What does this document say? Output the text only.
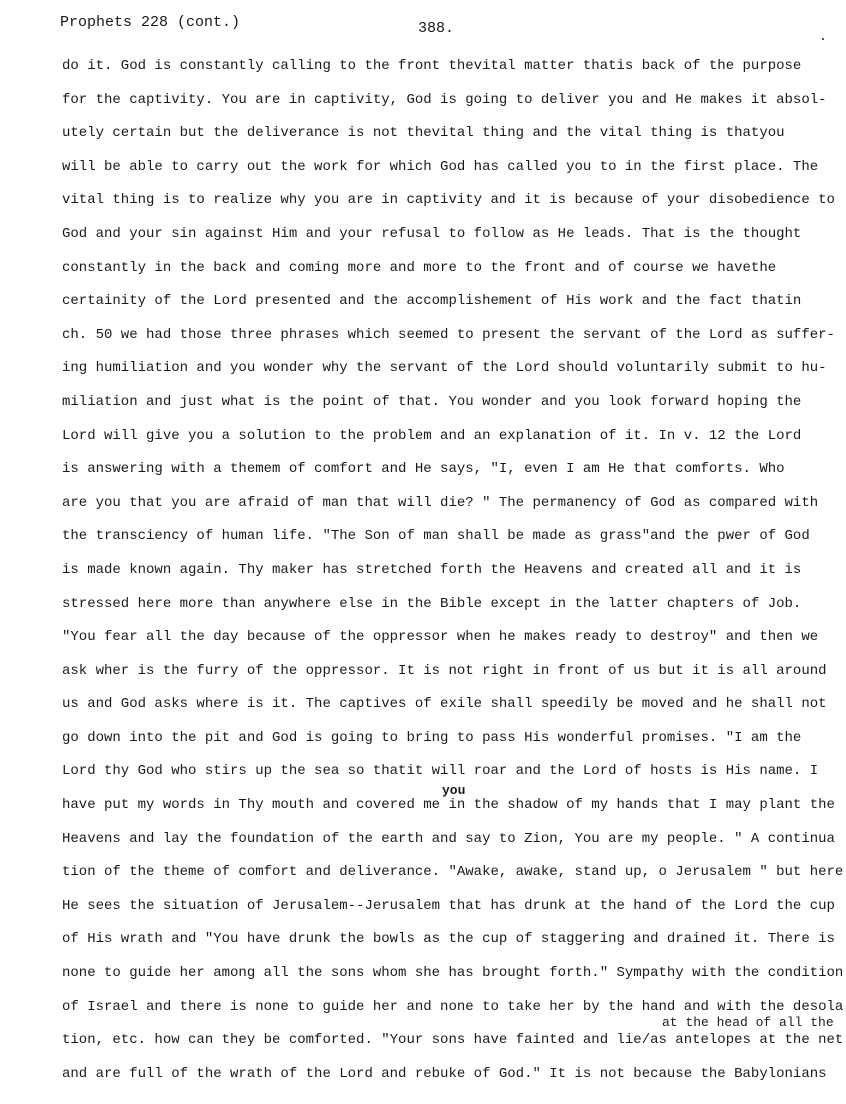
Prophets 228 (cont.)	388.
do it. God is constantly calling to the front thevital matter thatis back of the purpose
for the captivity. You are in captivity, God is going to deliver you and He makes it absol-
utely certain but the deliverance is not thevital thing and the vital thing is thatyou
will be able to carry out the work for which God has called you to in the first place. The
vital thing is to realize why you are in captivity and it is because of your disobedience to
God and your sin against Him and your refusal to follow as He leads. That is the thought
constantly in the back and coming more and more to the front and of course we havethe
certainity of the Lord presented and the accomplishement of His work and the fact thatin
ch. 50 we had those three phrases which seemed to present the servant of the Lord as suffer-
ing humiliation and you wonder why the servant of the Lord should voluntarily submit to hu-
miliation and just what is the point of that. You wonder and you look forward hoping the
Lord will give you a solution to the problem and an explanation of it. In v. 12 the Lord
is answering with a themem of comfort and He says, "I, even I am He that comforts. Who
are you that you are afraid of man that will die? " The permanency of God as compared with
the transciency of human life. "The Son of man shall be made as grass"and the pwer of God
is made known again. Thy maker has stretched forth the Heavens and created all and it is
stressed here more than anywhere else in the Bible except in the latter chapters of Job.
"You fear all the day because of the oppressor when he makes ready to destroy" and then we
ask wher is the furry of the oppressor. It is not right in front of us but it is all around
us and God asks where is it. The captives of exile shall speedily be moved and he shall not
go down into the pit and God is going to bring to pass His wonderful promises. "I am the
Lord thy God who stirs up the sea so thatit will roar and the Lord of hosts is His name. I
have put my words in Thy mouth and covered me in the shadow of my hands that I may plant the
Heavens and lay the foundation of the earth and say to Zion, You are my people. " A continua
tion of the theme of comfort and deliverance. "Awake, awake, stand up, o Jerusalem " but here
He sees the situation of Jerusalem--Jerusalem that has drunk at the hand of the Lord the cup
of His wrath and "You have drunk the bowls as the cup of staggering and drained it. There is
none to guide her among all the sons whom she has brought forth." Sympathy with the condition
of Israel and there is none to guide her and none to take her by the hand and with the desola
tion, etc. how can they be comforted. "Your sons have fainted and lie/as antelopes at the net
and are full of the wrath of the Lord and rebuke of God." It is not because the Babylonians
you
at the head of all the
